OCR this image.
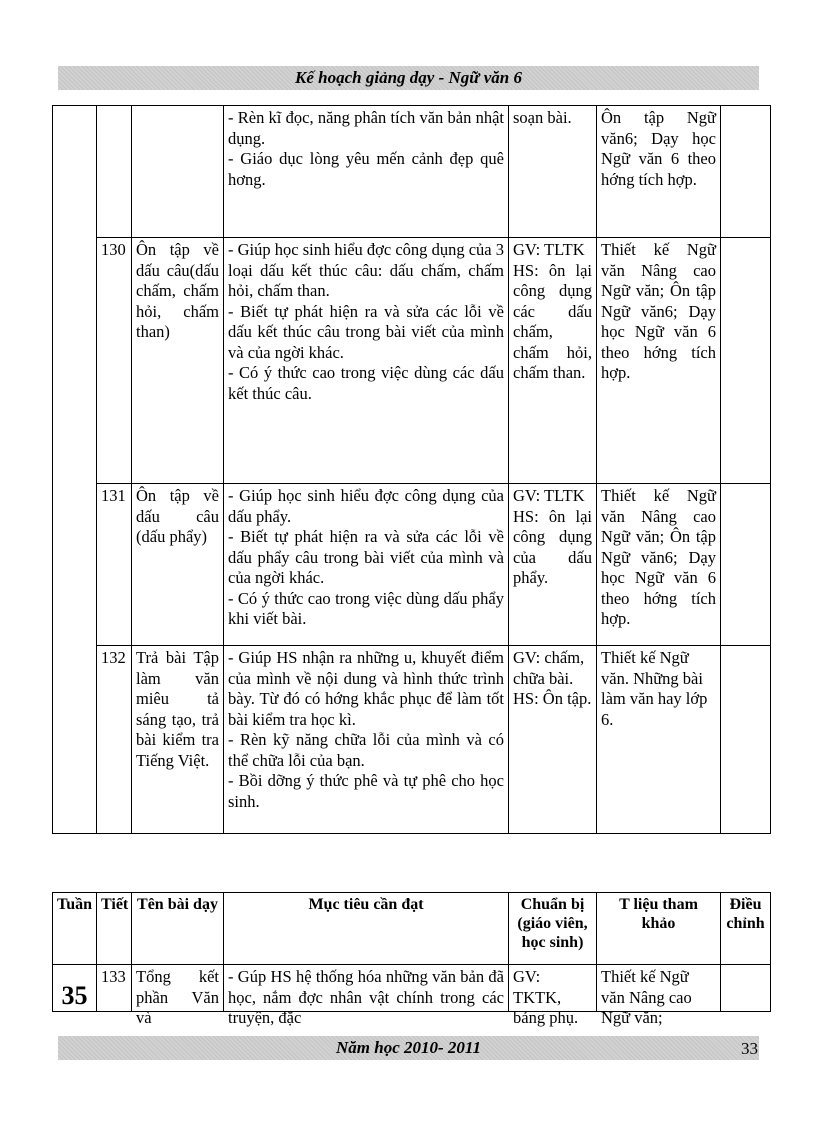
Kế hoạch giảng dạy - Ngữ văn 6
			- Rèn kĩ đọc, năng phân tích văn bản nhật dụng.
- Giáo dục lòng yêu mến cảnh đẹp quê hơng.	soạn bài.	Ôn tập Ngữ văn6; Dạy học Ngữ văn 6 theo hớng tích hợp.	
	130	Ôn tập về dấu câu(dấu chấm, chấm hỏi, chấm than)	- Giúp học sinh hiểu đợc công dụng của 3 loại dấu kết thúc câu: dấu chấm, chấm hỏi, chấm than.
- Biết tự phát hiện ra và sửa các lỗi về dấu kết thúc câu trong bài viết của mình và của ngời khác.
- Có ý thức cao trong việc dùng các dấu kết thúc câu.	GV: TLTK
HS: ôn lại công dụng các dấu chấm, chấm hỏi, chấm than.	Thiết kế Ngữ văn Nâng cao Ngữ văn; Ôn tập Ngữ văn6; Dạy học Ngữ văn 6 theo hớng tích hợp.	
	131	Ôn tập về dấu câu (dấu phẩy)	- Giúp học sinh hiểu đợc công dụng của dấu phẩy.
- Biết tự phát hiện ra và sửa các lỗi về dấu phẩy câu trong bài viết của mình và của ngời khác.
- Có ý thức cao trong việc dùng dấu phẩy khi viết bài.	GV: TLTK
HS: ôn lại công dụng của dấu phẩy.	Thiết kế Ngữ văn Nâng cao Ngữ văn; Ôn tập Ngữ văn6; Dạy học Ngữ văn 6 theo hớng tích hợp.	
	132	Trả bài Tập làm văn miêu tả sáng tạo, trả bài kiểm tra Tiếng Việt.	- Giúp HS nhận ra những u, khuyết điểm của mình về nội dung và hình thức trình bày. Từ đó có hớng khắc phục để làm tốt bài kiểm tra học kì.
- Rèn kỹ năng chữa lỗi của mình và có thể chữa lỗi của bạn.
- Bồi dỡng ý thức phê và tự phê cho học sinh.	GV: chấm, chữa bài.
HS: Ôn tập.	Thiết kế Ngữ văn. Những bài làm văn hay lớp 6.	
Tuần	Tiết	Tên bài dạy	Mục tiêu cần đạt	Chuẩn bị (giáo viên, học sinh)	T liệu tham khảo	Điều chỉnh
35	133	Tổng kết phần Văn và	- Gúp HS hệ thống hóa những văn bản đã học, nắm đợc nhân vật chính trong các truyện, đặc	GV: TKTK, bảng phụ.	Thiết kế Ngữ văn Nâng cao Ngữ văn;	

Năm học 2010- 2011	33
